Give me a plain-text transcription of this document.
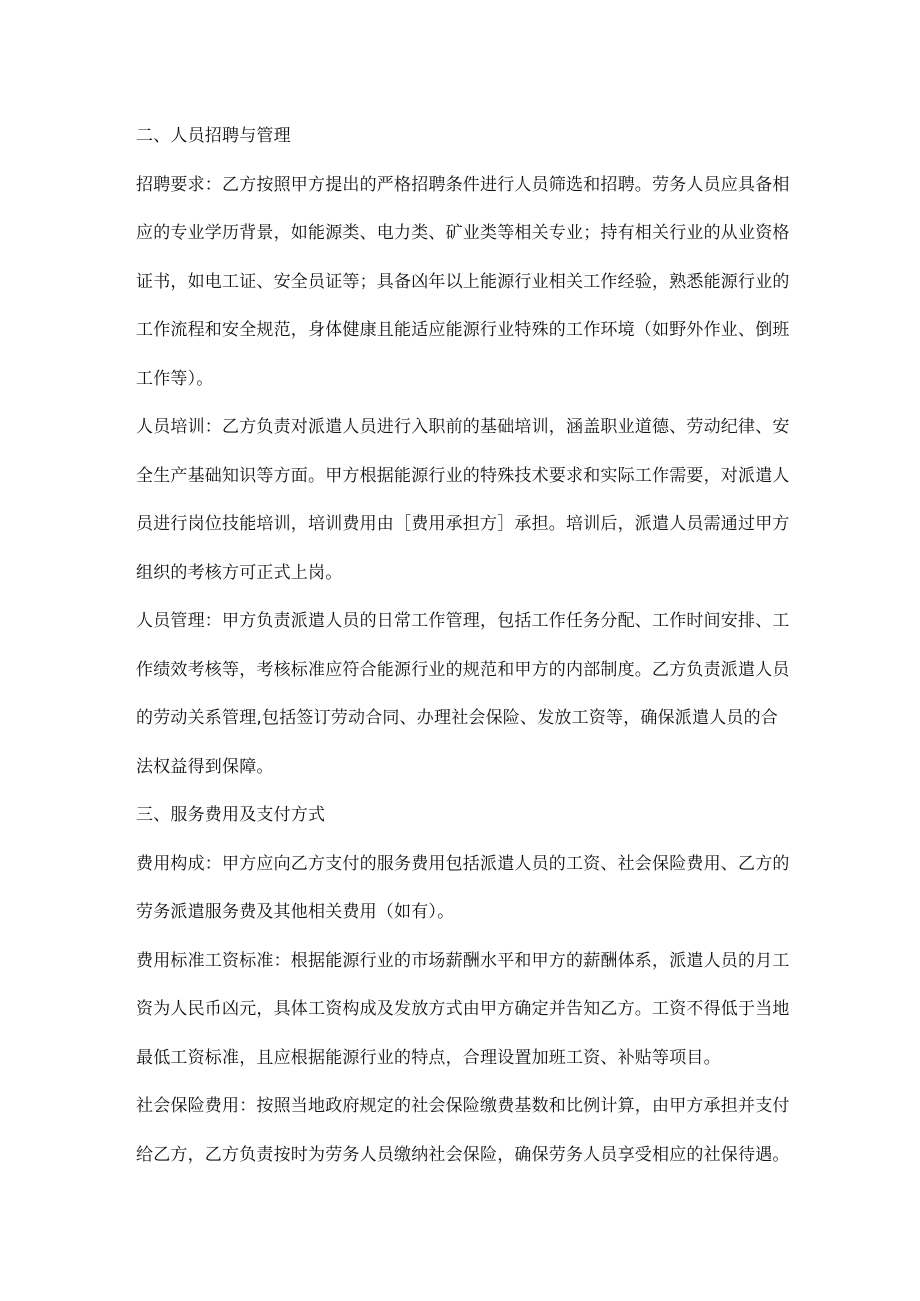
二、人员招聘与管理

招聘要求：乙方按照甲方提出的严格招聘条件进行人员筛选和招聘。劳务人员应具备相应的专业学历背景，如能源类、电力类、矿业类等相关专业；持有相关行业的从业资格证书，如电工证、安全员证等；具备凶年以上能源行业相关工作经验，熟悉能源行业的工作流程和安全规范，身体健康且能适应能源行业特殊的工作环境（如野外作业、倒班工作等）。

人员培训：乙方负责对派遣人员进行入职前的基础培训，涵盖职业道德、劳动纪律、安全生产基础知识等方面。甲方根据能源行业的特殊技术要求和实际工作需要，对派遣人员进行岗位技能培训，培训费用由［费用承担方］承担。培训后，派遣人员需通过甲方组织的考核方可正式上岗。

人员管理：甲方负责派遣人员的日常工作管理，包括工作任务分配、工作时间安排、工作绩效考核等，考核标准应符合能源行业的规范和甲方的内部制度。乙方负责派遣人员的劳动关系管理,包括签订劳动合同、办理社会保险、发放工资等，确保派遣人员的合法权益得到保障。

三、服务费用及支付方式

费用构成：甲方应向乙方支付的服务费用包括派遣人员的工资、社会保险费用、乙方的劳务派遣服务费及其他相关费用（如有）。

费用标准工资标准：根据能源行业的市场薪酬水平和甲方的薪酬体系，派遣人员的月工资为人民币凶元，具体工资构成及发放方式由甲方确定并告知乙方。工资不得低于当地最低工资标准，且应根据能源行业的特点，合理设置加班工资、补贴等项目。

社会保险费用：按照当地政府规定的社会保险缴费基数和比例计算，由甲方承担并支付给乙方，乙方负责按时为劳务人员缴纳社会保险，确保劳务人员享受相应的社保待遇。
